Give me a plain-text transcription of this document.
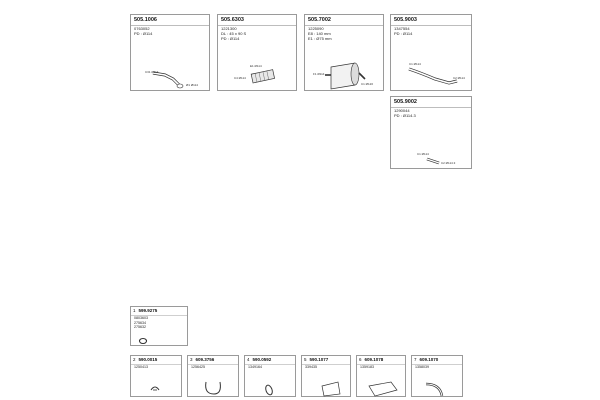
505.1006
0763052
PD : Ø114
C31 Ø114
Ø1 Ø114
505.6303
1221300
DL : 45 x 90 S
PD : Ø114
E1 Ø114
C4 Ø114
505.7002
1225090
E8 : 140 mm
E1 : Ø75 mm
F1 Ø114
C1 Ø120
505.9003
1347554
PD : Ø114
C1 Ø114
C2 Ø114
505.9002
1290044
PD : Ø114.3
C1 Ø114
C2 Ø114.3
1 599.9275
0803603
275634
275632
2 590.0015
1250413
3 609.3756
1256425
4 590.0592
1349164
5 590.1077
339435
6 609.1078
1359183
7 609.1070
1358039
